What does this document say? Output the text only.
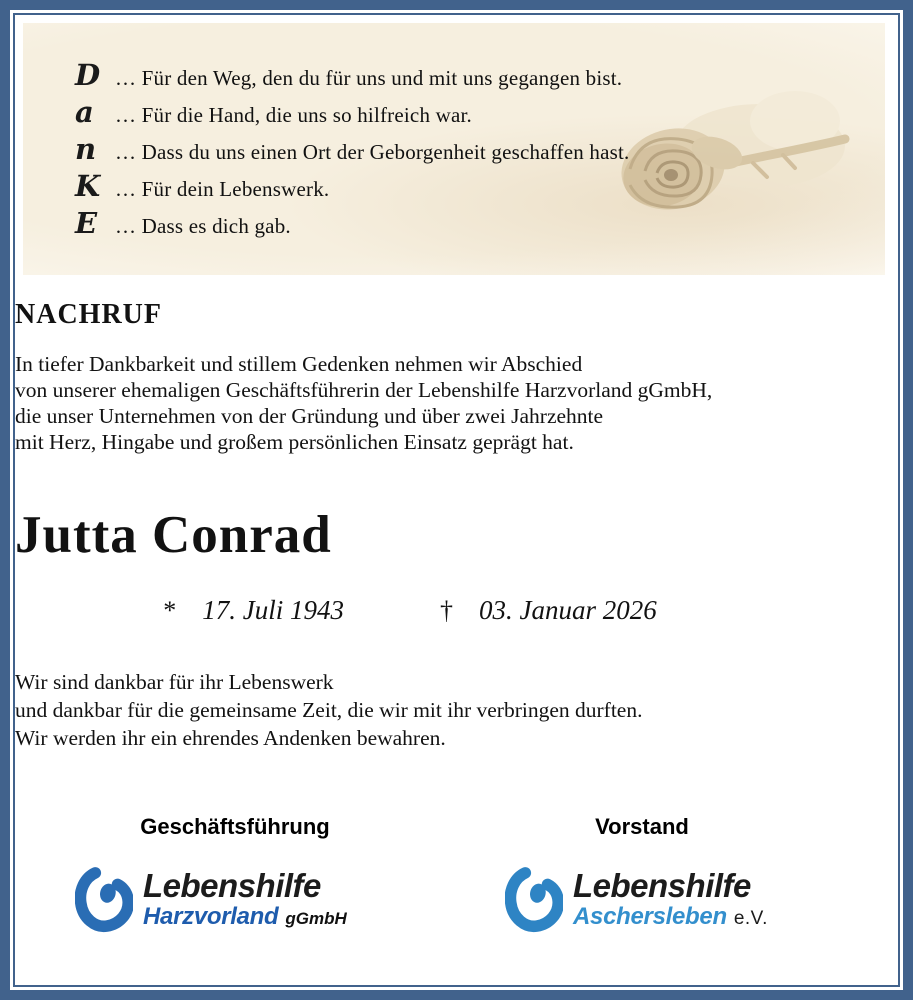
D … Für den Weg, den du für uns und mit uns gegangen bist.
a	… Für die Hand, die uns so hilfreich war.
n … Dass du uns einen Ort der Geborgenheit geschaffen hast.
K … Für dein Lebenswerk.
E … Dass es dich gab.
NACHRUF
In tiefer Dankbarkeit und stillem Gedenken nehmen wir Abschied
von unserer ehemaligen Geschäftsführerin der Lebenshilfe Harzvorland gGmbH,
die unser Unternehmen von der Gründung und über zwei Jahrzehnte
mit Herz, Hingabe und großem persönlichen Einsatz geprägt hat.
Jutta Conrad
* 17. Juli 1943	† 03. Januar 2026
Wir sind dankbar für ihr Lebenswerk
und dankbar für die gemeinsame Zeit, die wir mit ihr verbringen durften.
Wir werden ihr ein ehrendes Andenken bewahren.
Geschäftsführung	Vorstand
Lebenshilfe
Harzvorland gGmbH
Lebenshilfe
Aschersleben e.V.
